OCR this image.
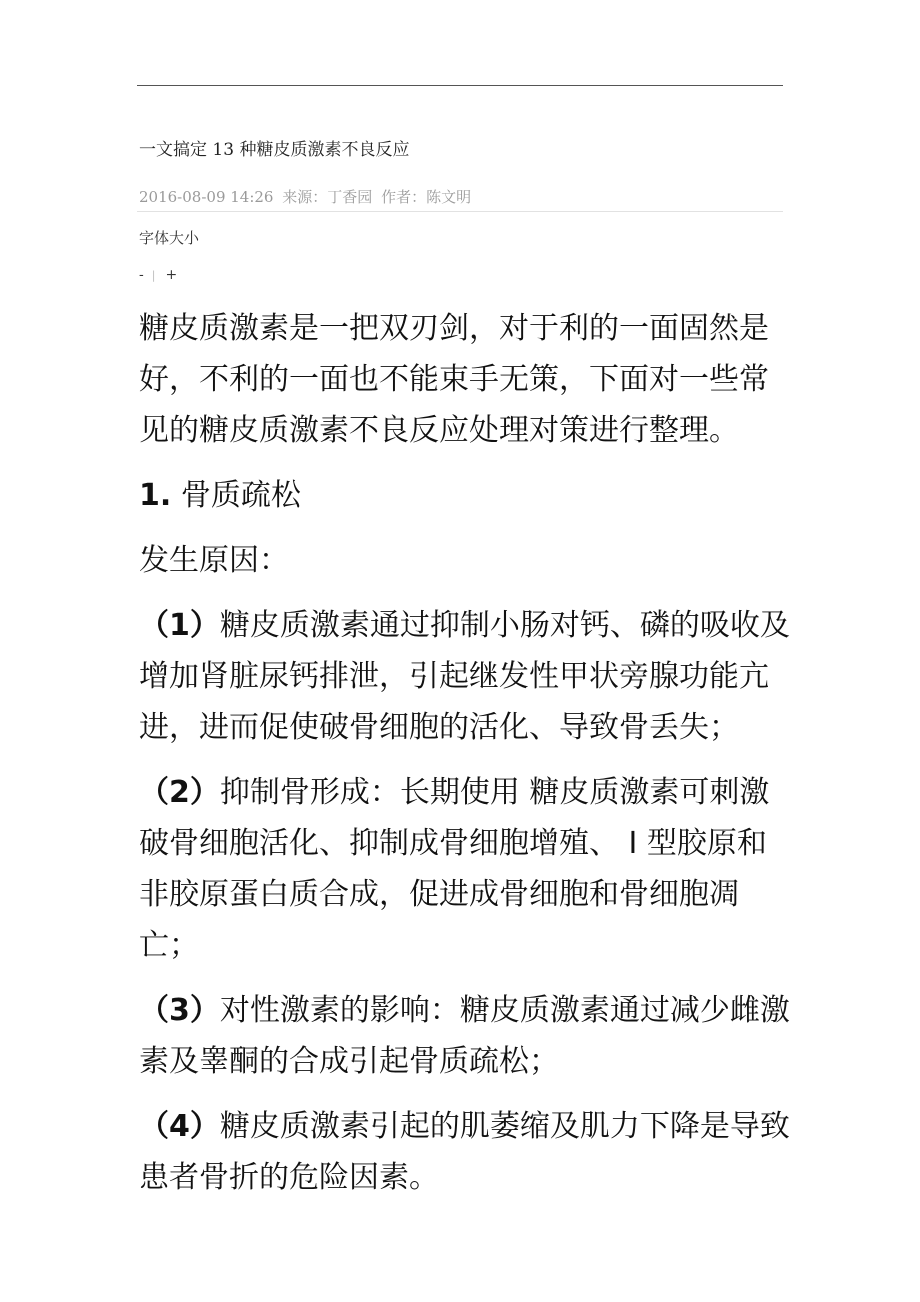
一文搞定 13 种糖皮质激素不良反应
2016-08-09 14:26 来源：丁香园 作者：陈文明
字体大小
- | +

糖皮质激素是一把双刃剑，对于利的一面固然是好，不利的一面也不能束手无策，下面对一些常见的糖皮质激素不良反应处理对策进行整理。

1. 骨质疏松

发生原因：

（1）糖皮质激素通过抑制小肠对钙、磷的吸收及增加肾脏尿钙排泄，引起继发性甲状旁腺功能亢进，进而促使破骨细胞的活化、导致骨丢失；

（2）抑制骨形成：长期使用 糖皮质激素可刺激破骨细胞活化、抑制成骨细胞增殖、 I 型胶原和非胶原蛋白质合成，促进成骨细胞和骨细胞凋亡；

（3）对性激素的影响：糖皮质激素通过减少雌激素及睾酮的合成引起骨质疏松；

（4）糖皮质激素引起的肌萎缩及肌力下降是导致患者骨折的危险因素。
